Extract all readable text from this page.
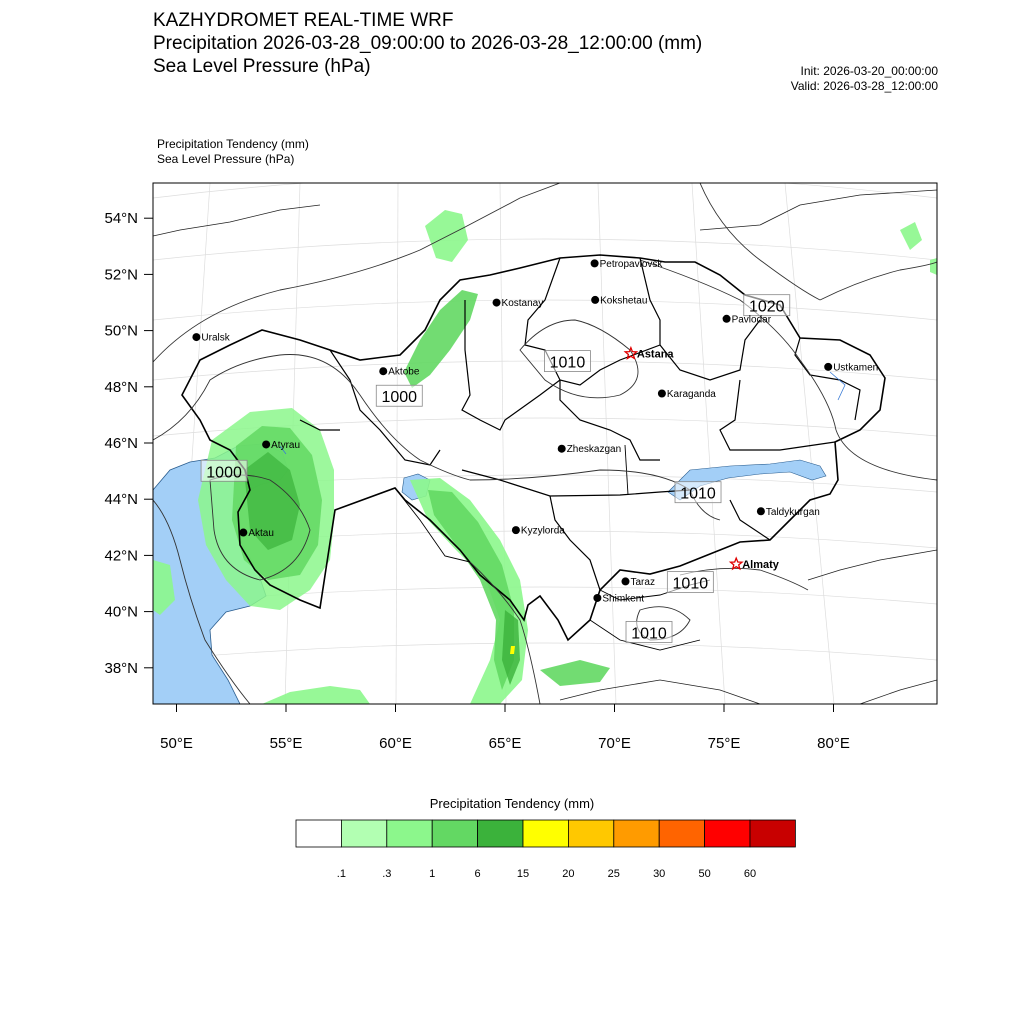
KAZHYDROMET REAL-TIME WRF
Precipitation 2026-03-28_09:00:00 to 2026-03-28_12:00:00 (mm)
Sea Level Pressure (hPa)	Init: 2026-03-20_00:00:00
Valid: 2026-03-28_12:00:00
Precipitation Tendency (mm)
Sea Level Pressure (hPa)
54°N
52°N
50°N
48°N
46°N
44°N
42°N
40°N
38°N
50°E	55°E	60°E	65°E	70°E	75°E	80°E
1020
1010
1000
1000
1010
1010
1010
Petropavlovsk
Kostanay	Kokshetau
Pavlodar
Uralsk
Astana
Ustkamen
Aktobe
Karaganda
Atyrau	Zheskazgan
Aktau	Kyzylorda
Taldykurgan
Almaty
Taraz
Shimkent
Precipitation Tendency (mm)
.1	.3	1	6	15	20	25	30	50	60
